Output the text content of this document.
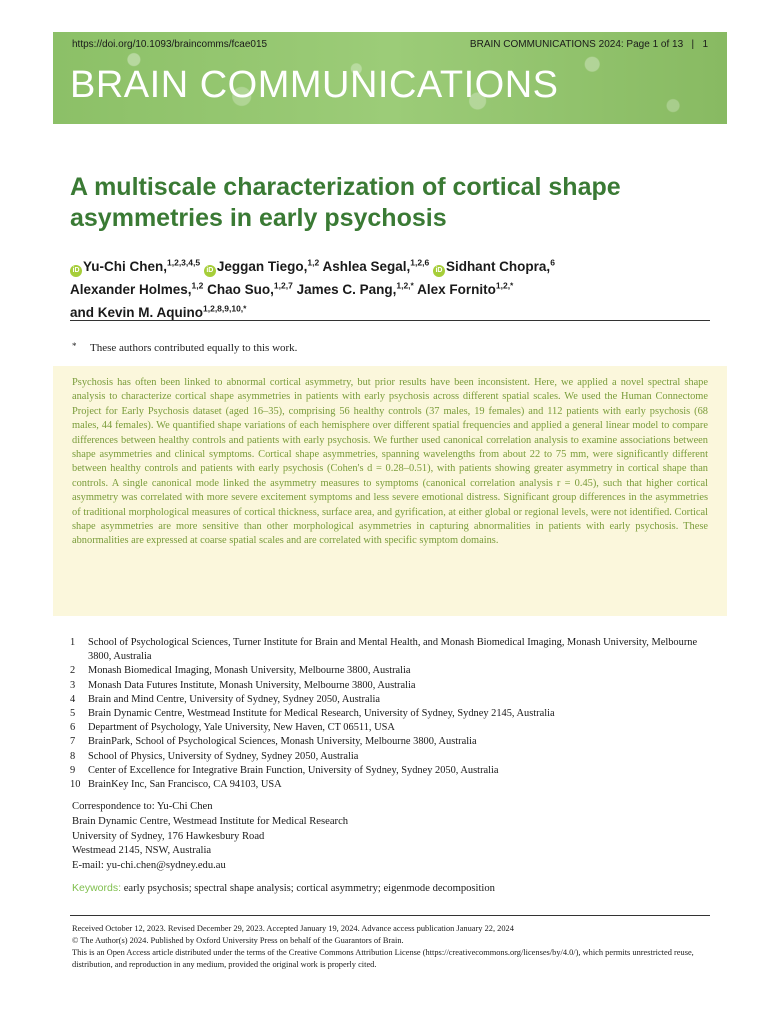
https://doi.org/10.1093/braincomms/fcae015	BRAIN COMMUNICATIONS 2024: Page 1 of 13   |   1
BRAIN COMMUNICATIONS
A multiscale characterization of cortical shape asymmetries in early psychosis
iD Yu-Chi Chen,$^{1,2,3,4,5}$ iD Jeggan Tiego,$^{1,2}$ Ashlea Segal,$^{1,2,6}$ iD Sidhant Chopra,$^6$
Alexander Holmes,$^{1,2}$ Chao Suo,$^{1,2,7}$ James C. Pang,$^{1,2,*}$ Alex Fornito$^{1,2,*}$
and Kevin M. Aquino$^{1,2,8,9,10,*}$
* These authors contributed equally to this work.

Psychosis has often been linked to abnormal cortical asymmetry, but prior results have been inconsistent. Here, we applied a novel spectral shape analysis to characterize cortical shape asymmetries in patients with early psychosis across different spatial scales. We used the Human Connectome Project for Early Psychosis dataset (aged 16–35), comprising 56 healthy controls (37 males, 19 females) and 112 patients with early psychosis (68 males, 44 females). We quantified shape variations of each hemisphere over different spatial frequencies and applied a general linear model to compare differences between healthy controls and patients with early psychosis. We further used canonical correlation analysis to examine associations between shape asymmetries and clinical symptoms. Cortical shape asymmetries, spanning wavelengths from about 22 to 75 mm, were significantly different between healthy controls and patients with early psychosis (Cohen's d = 0.28–0.51), with patients showing greater asymmetry in cortical shape than controls. A single canonical mode linked the asymmetry measures to symptoms (canonical correlation analysis r = 0.45), such that higher cortical asymmetry was correlated with more severe excitement symptoms and less severe emotional distress. Significant group differences in the asymmetries of traditional morphological measures of cortical thickness, surface area, and gyrification, at either global or regional levels, were not identified. Cortical shape asymmetries are more sensitive than other morphological asymmetries in capturing abnormalities in patients with early psychosis. These abnormalities are expressed at coarse spatial scales and are correlated with specific symptom domains.

1	School of Psychological Sciences, Turner Institute for Brain and Mental Health, and Monash Biomedical Imaging, Monash University, Melbourne 3800, Australia
2	Monash Biomedical Imaging, Monash University, Melbourne 3800, Australia
3	Monash Data Futures Institute, Monash University, Melbourne 3800, Australia
4	Brain and Mind Centre, University of Sydney, Sydney 2050, Australia
5	Brain Dynamic Centre, Westmead Institute for Medical Research, University of Sydney, Sydney 2145, Australia
6	Department of Psychology, Yale University, New Haven, CT 06511, USA
7	BrainPark, School of Psychological Sciences, Monash University, Melbourne 3800, Australia
8	School of Physics, University of Sydney, Sydney 2050, Australia
9	Center of Excellence for Integrative Brain Function, University of Sydney, Sydney 2050, Australia
10 BrainKey Inc, San Francisco, CA 94103, USA
Correspondence to: Yu-Chi Chen
Brain Dynamic Centre, Westmead Institute for Medical Research
University of Sydney, 176 Hawkesbury Road
Westmead 2145, NSW, Australia
E-mail: yu-chi.chen@sydney.edu.au
Keywords: early psychosis; spectral shape analysis; cortical asymmetry; eigenmode decomposition
Received October 12, 2023. Revised December 29, 2023. Accepted January 19, 2024. Advance access publication January 22, 2024
© The Author(s) 2024. Published by Oxford University Press on behalf of the Guarantors of Brain.
This is an Open Access article distributed under the terms of the Creative Commons Attribution License (https://creativecommons.org/licenses/by/4.0/), which permits unrestricted reuse, distribution, and reproduction in any medium, provided the original work is properly cited.
